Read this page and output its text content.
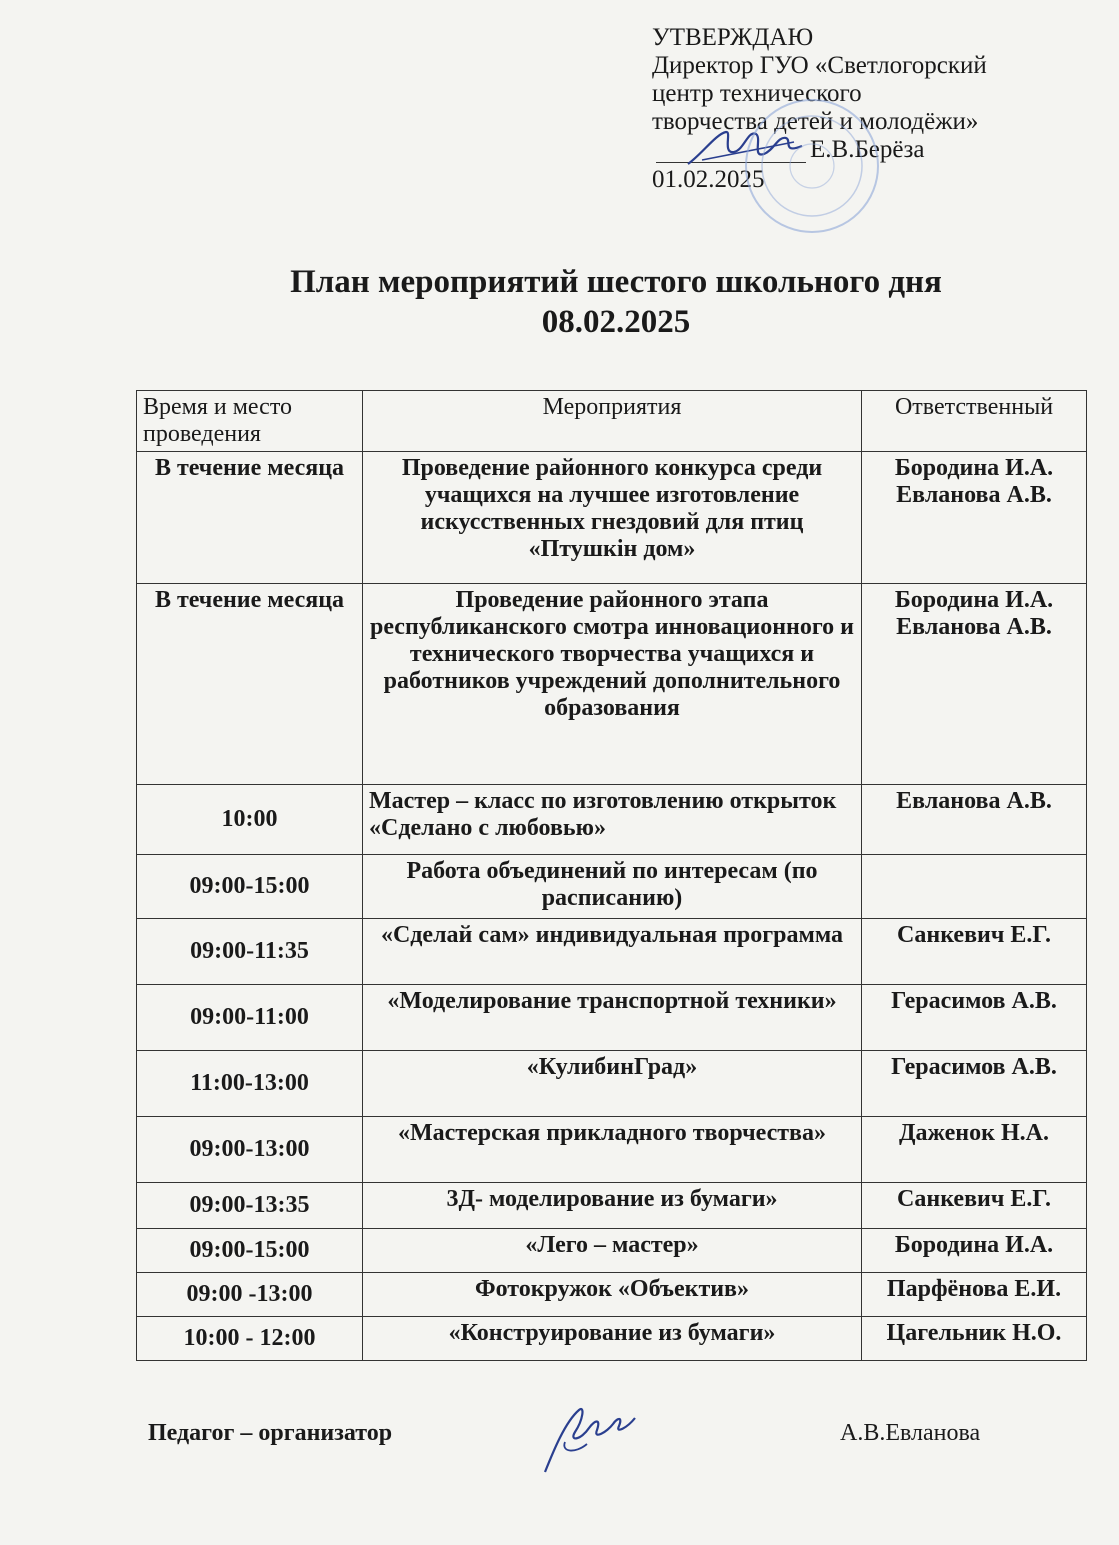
УТВЕРЖДАЮ
Директор ГУО «Светлогорский
центр технического
творчества детей и молодёжи»
Е.В.Берёза
01.02.2025
План мероприятий шестого школьного дня
08.02.2025
Время и место проведения	Мероприятия	Ответственный
В течение месяца	Проведение районного конкурса среди учащихся на лучшее изготовление искусственных гнездовий для птиц «Птушкін дом»	Бородина И.А. Евланова А.В.
В течение месяца	Проведение районного этапа республиканского смотра инновационного и технического творчества учащихся и работников учреждений дополнительного образования	Бородина И.А. Евланова А.В.
10:00	Мастер – класс по изготовлению открыток «Сделано с любовью»	Евланова А.В.
09:00-15:00	Работа объединений по интересам (по расписанию)	
09:00-11:35	«Сделай сам» индивидуальная программа	Санкевич Е.Г.
09:00-11:00	«Моделирование транспортной техники»	Герасимов А.В.
11:00-13:00	«КулибинГрад»	Герасимов А.В.
09:00-13:00	«Мастерская прикладного творчества»	Даженок Н.А.
09:00-13:35	3Д- моделирование из бумаги»	Санкевич Е.Г.
09:00-15:00	«Лего – мастер»	Бородина И.А.
09:00 -13:00	Фотокружок «Объектив»	Парфёнова Е.И.
10:00 - 12:00	«Конструирование из бумаги»	Цагельник Н.О.
Педагог – организатор	А.В.Евланова
